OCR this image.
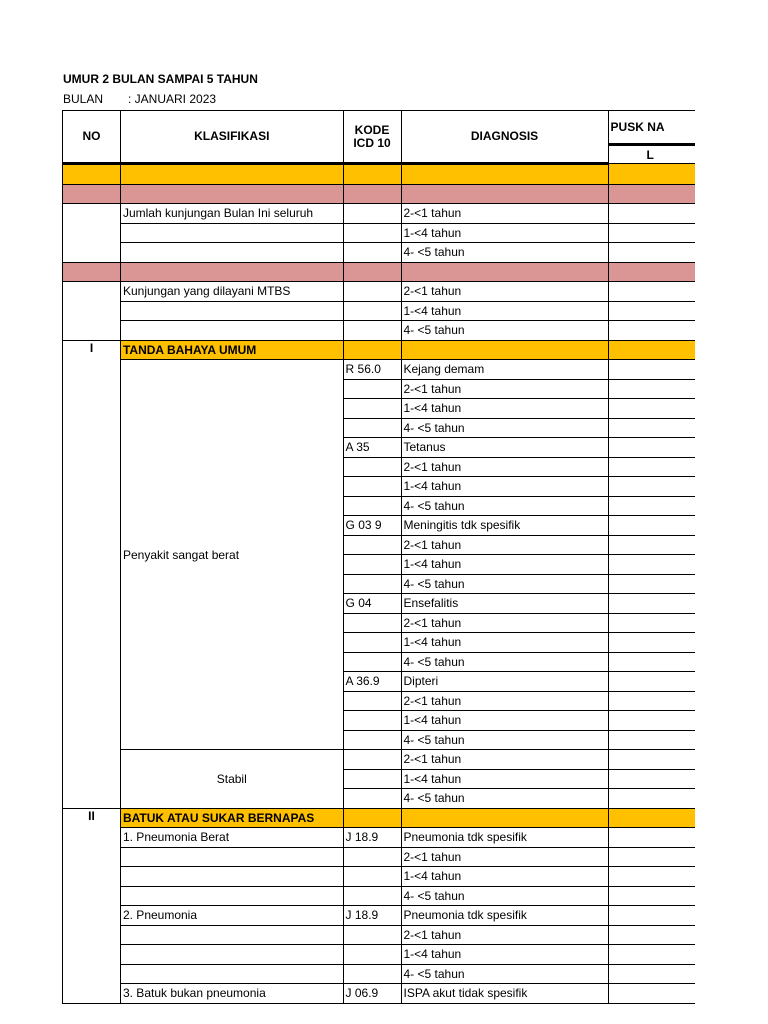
UMUR 2 BULAN SAMPAI 5 TAHUN
BULAN : JANUARI 2023
NO	KLASIFIKASI	KODE ICD 10	DIAGNOSIS	PUSK NA
				L

	Jumlah kunjungan Bulan Ini seluruh		2-<1 tahun	
			1-<4 tahun	
			4- <5 tahun	

	Kunjungan yang dilayani MTBS		2-<1 tahun	
			1-<4 tahun	
			4- <5 tahun	
I	TANDA BAHAYA UMUM			
	Penyakit sangat berat	R 56.0	Kejang demam	
			2-<1 tahun	
			1-<4 tahun	
			4- <5 tahun	
		A 35	Tetanus	
			2-<1 tahun	
			1-<4 tahun	
			4- <5 tahun	
		G 03 9	Meningitis tdk spesifik	
			2-<1 tahun	
			1-<4 tahun	
			4- <5 tahun	
		G 04	Ensefalitis	
			2-<1 tahun	
			1-<4 tahun	
			4- <5 tahun	
		A 36.9	Dipteri	
			2-<1 tahun	
			1-<4 tahun	
			4- <5 tahun	
	Stabil		2-<1 tahun	
			1-<4 tahun	
			4- <5 tahun	
II	BATUK ATAU SUKAR BERNAPAS			
	1. Pneumonia Berat	J 18.9	Pneumonia tdk spesifik	
			2-<1 tahun	
			1-<4 tahun	
			4- <5 tahun	
	2. Pneumonia	J 18.9	Pneumonia tdk spesifik	
			2-<1 tahun	
			1-<4 tahun	
			4- <5 tahun	
	3. Batuk bukan pneumonia	J 06.9	ISPA akut tidak spesifik	
